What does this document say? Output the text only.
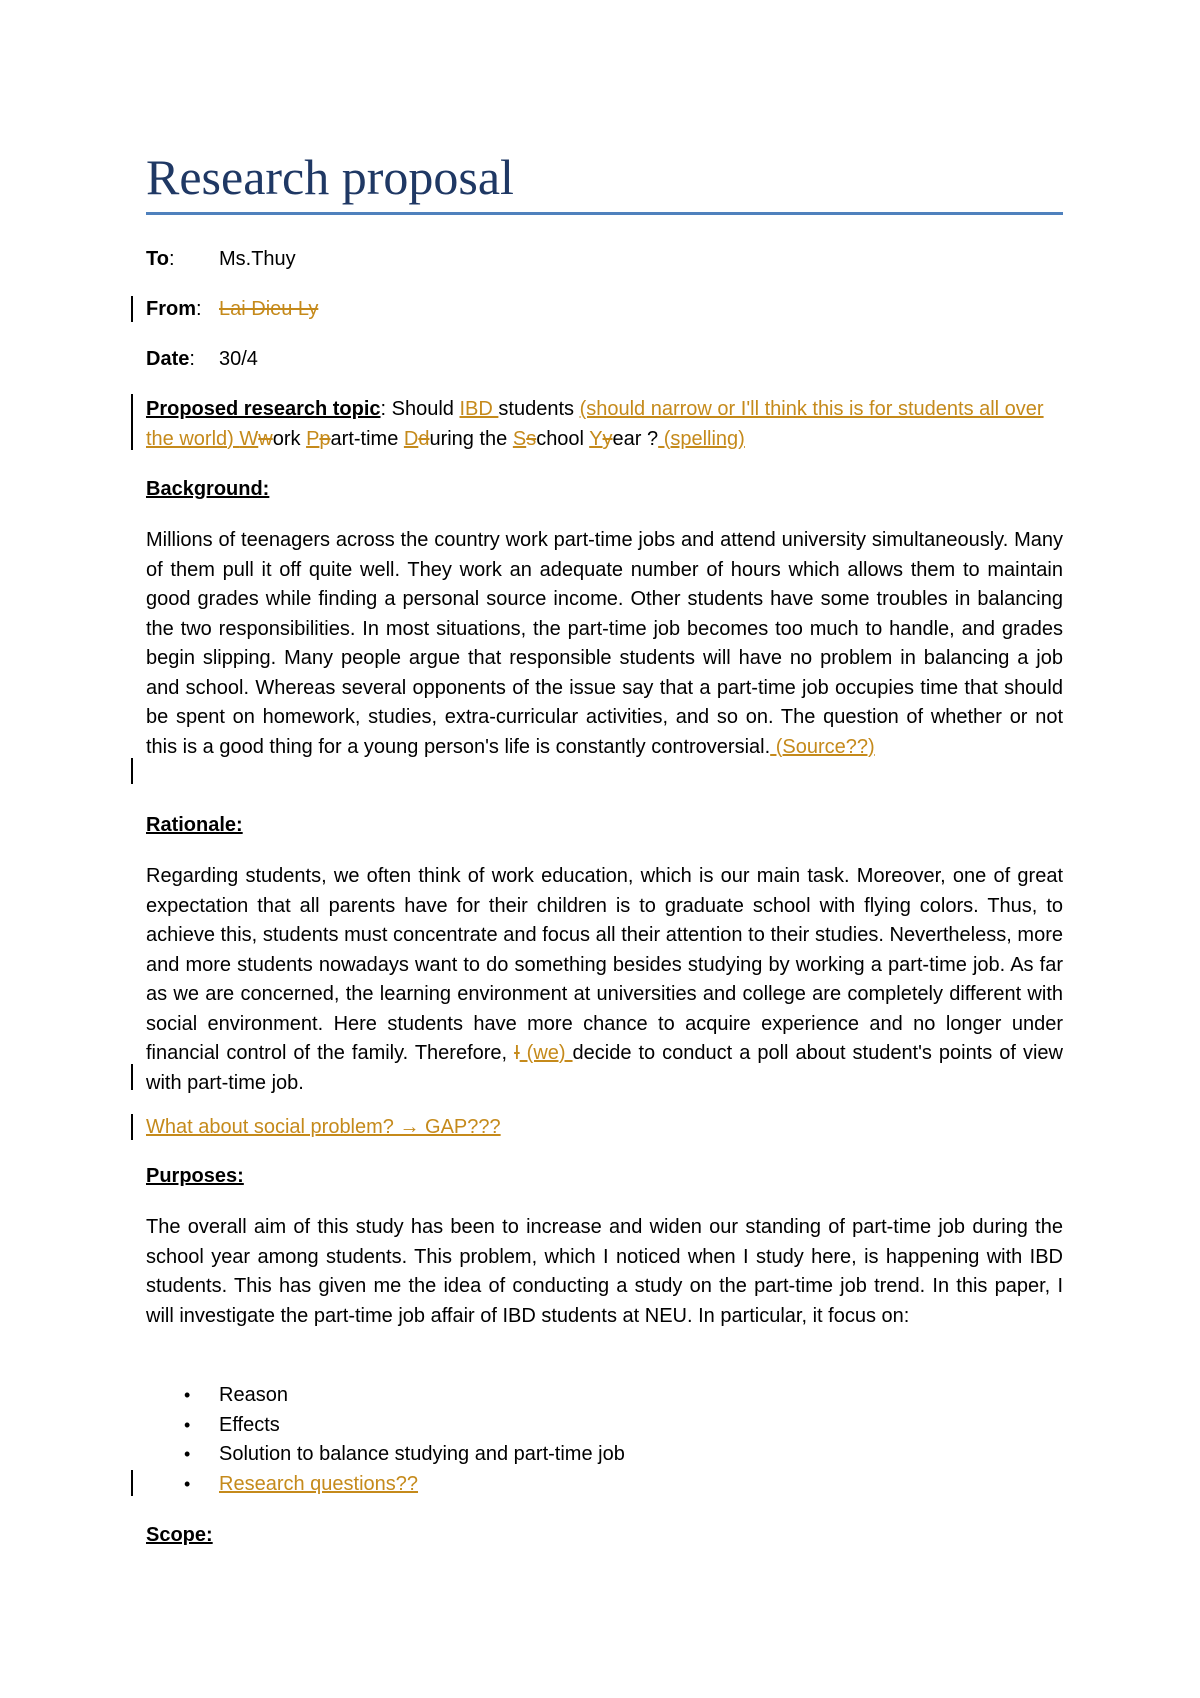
Research proposal
To: Ms.Thuy
From: Lai Dieu Ly
Date: 30/4

Proposed research topic: Should IBD students (should narrow or I'll think this is for students all over the world) Wwork Ppart-time Dduring the Sschool Yyear ? (spelling)

Background:

Millions of teenagers across the country work part-time jobs and attend university simultaneously. Many of them pull it off quite well. They work an adequate number of hours which allows them to maintain good grades while finding a personal source income. Other students have some troubles in balancing the two responsibilities. In most situations, the part-time job becomes too much to handle, and grades begin slipping. Many people argue that responsible students will have no problem in balancing a job and school. Whereas several opponents of the issue say that a part-time job occupies time that should be spent on homework, studies, extra-curricular activities, and so on. The question of whether or not this is a good thing for a young person's life is constantly controversial. (Source??)

Rationale:

Regarding students, we often think of work education, which is our main task. Moreover, one of great expectation that all parents have for their children is to graduate school with flying colors. Thus, to achieve this, students must concentrate and focus all their attention to their studies. Nevertheless, more and more students nowadays want to do something besides studying by working a part-time job. As far as we are concerned, the learning environment at universities and college are completely different with social environment. Here students have more chance to acquire experience and no longer under financial control of the family. Therefore, I (we) decide to conduct a poll about student's points of view with part-time job.

What about social problem? → GAP???

Purposes:

The overall aim of this study has been to increase and widen our standing of part-time job during the school year among students. This problem, which I noticed when I study here, is happening with IBD students. This has given me the idea of conducting a study on the part-time job trend. In this paper, I will investigate the part-time job affair of IBD students at NEU. In particular, it focus on:

• Reason
• Effects
• Solution to balance studying and part-time job
• Research questions??
Scope:
